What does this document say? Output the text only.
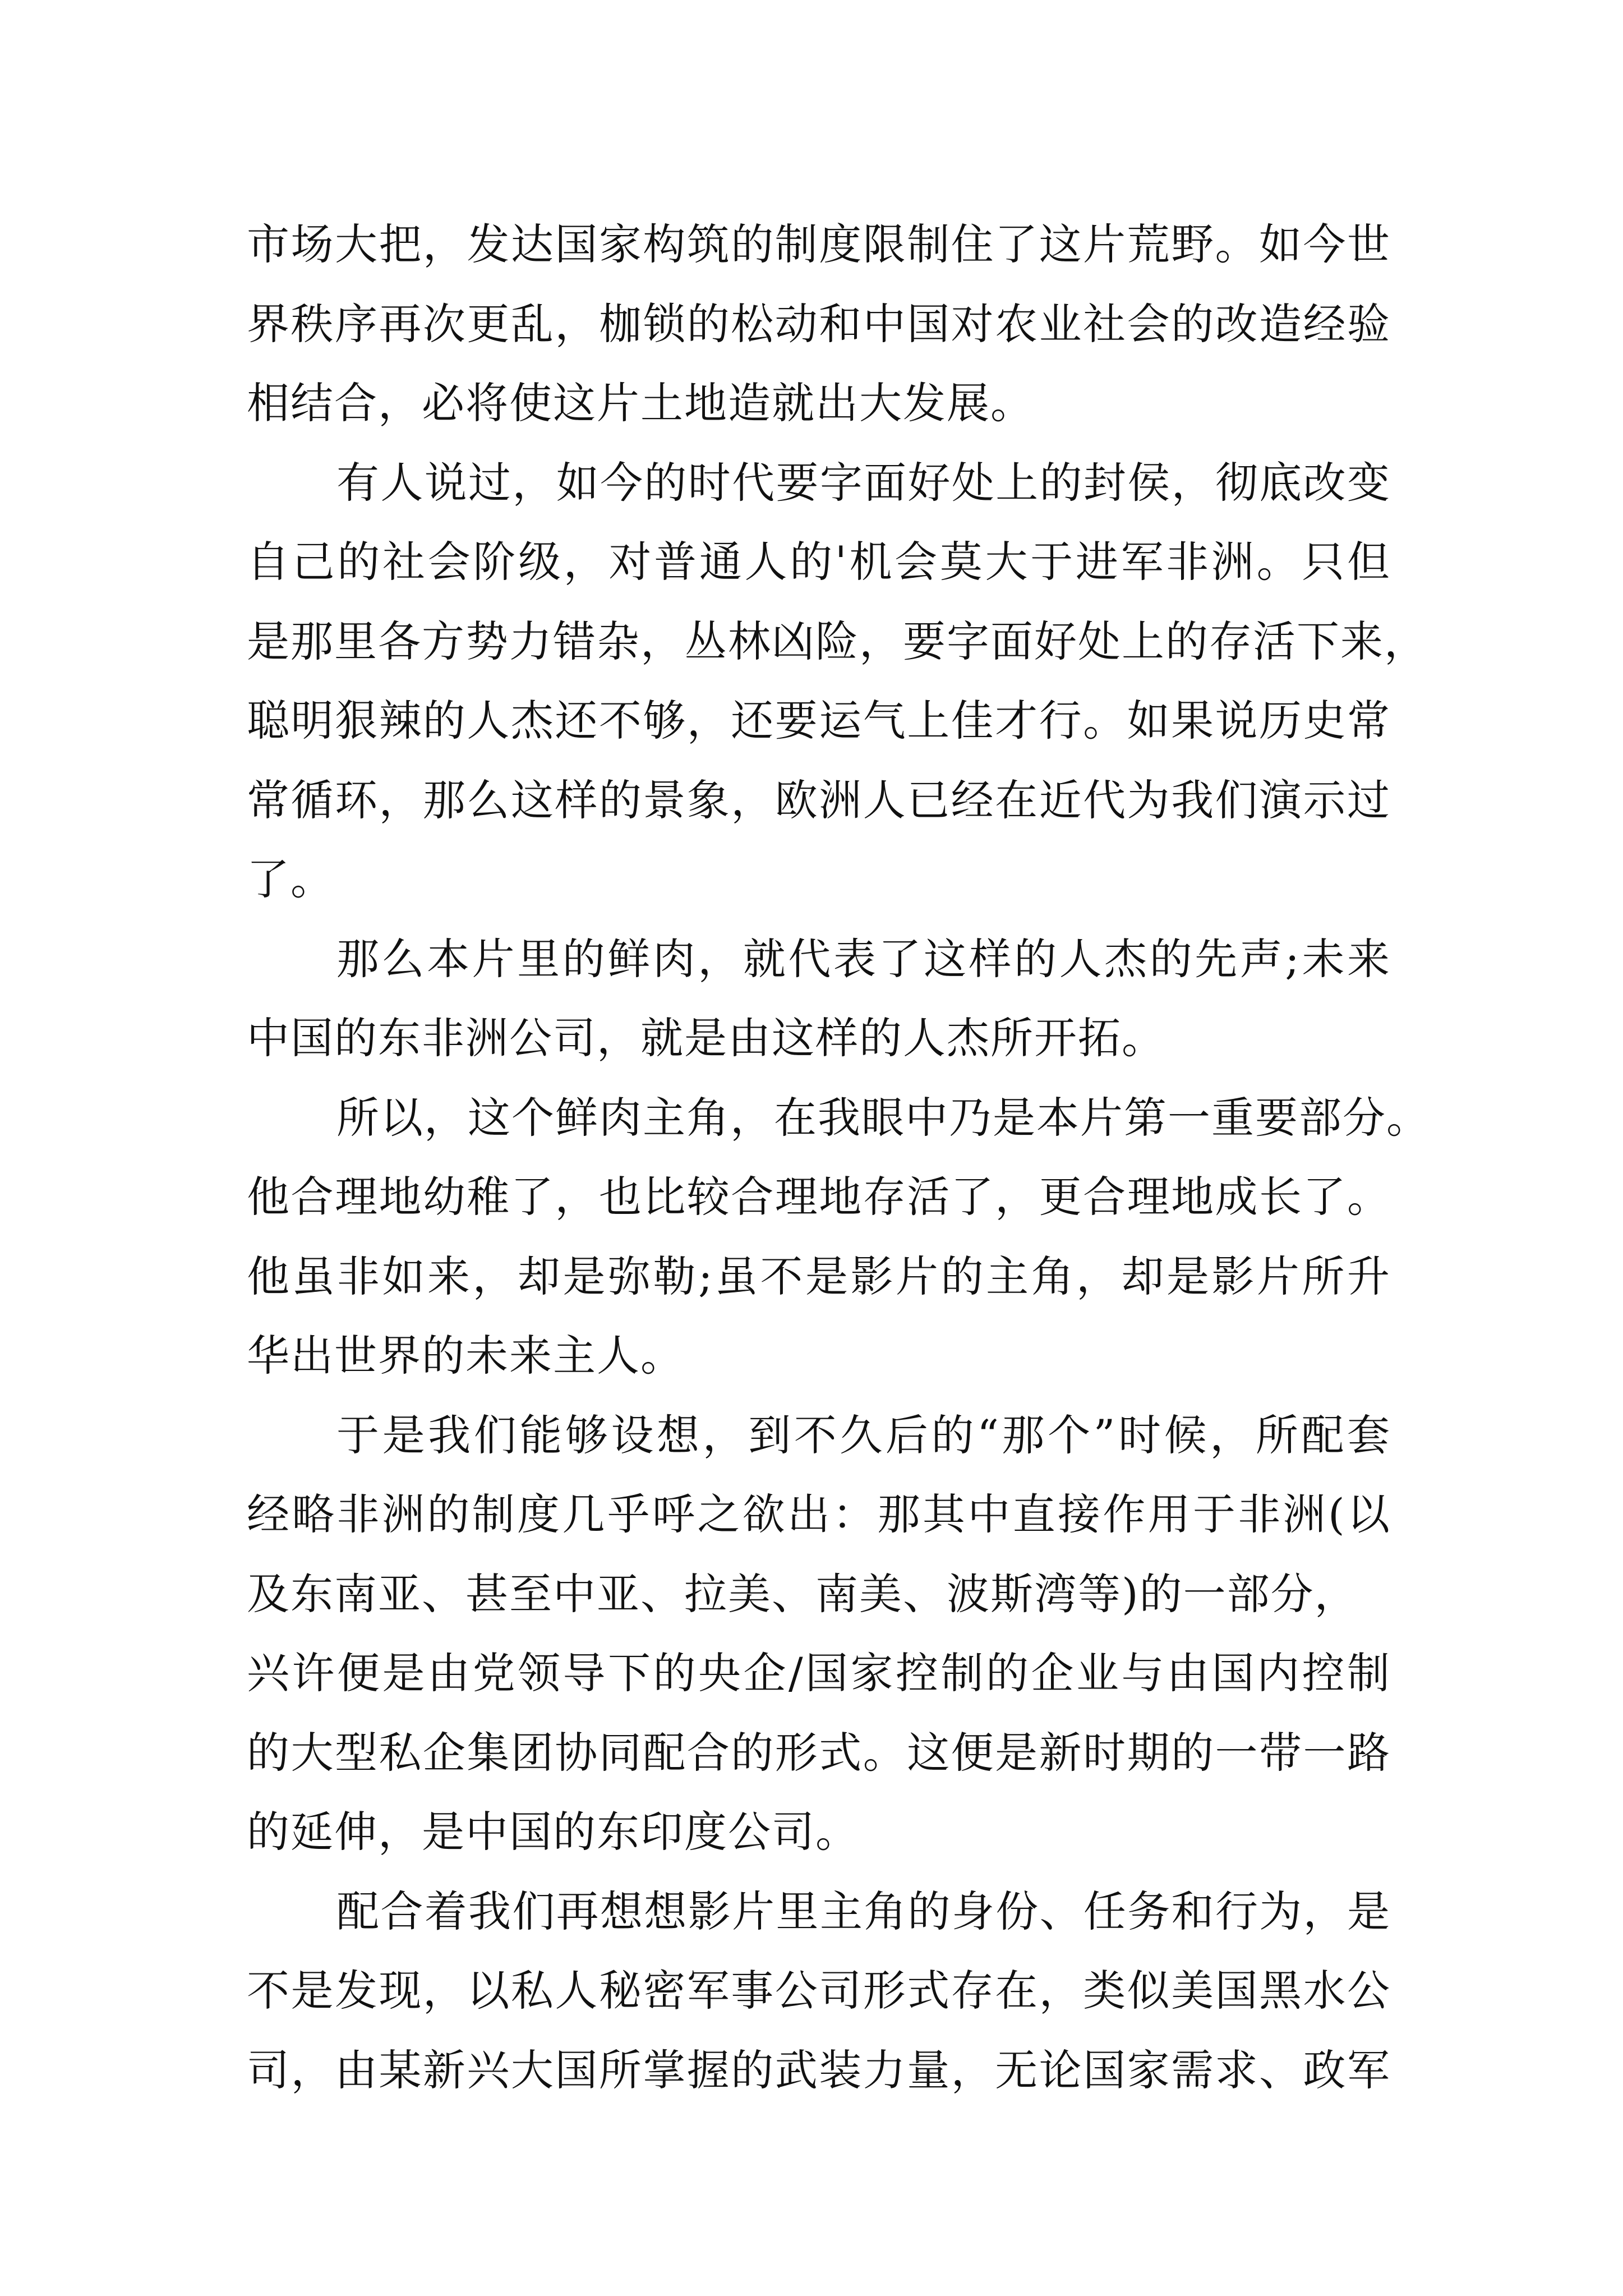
市场大把，发达国家构筑的制度限制住了这片荒野。如今世
界秩序再次更乱，枷锁的松动和中国对农业社会的改造经验
相结合，必将使这片土地造就出大发展。
有人说过，如今的时代要字面好处上的封侯，彻底改变
自己的社会阶级，对普通人的'机会莫大于进军非洲。只但
是那里各方势力错杂，丛林凶险，要字面好处上的存活下来，
聪明狠辣的人杰还不够，还要运气上佳才行。如果说历史常
常循环，那么这样的景象，欧洲人已经在近代为我们演示过
了。
那么本片里的鲜肉，就代表了这样的人杰的先声;未来
中国的东非洲公司，就是由这样的人杰所开拓。
所以，这个鲜肉主角，在我眼中乃是本片第一重要部分。
他合理地幼稚了，也比较合理地存活了，更合理地成长了。
他虽非如来，却是弥勒;虽不是影片的主角，却是影片所升
华出世界的未来主人。
于是我们能够设想，到不久后的“那个”时候，所配套
经略非洲的制度几乎呼之欲出：那其中直接作用于非洲(以
及东南亚、甚至中亚、拉美、南美、波斯湾等)的一部分，
兴许便是由党领导下的央企/国家控制的企业与由国内控制
的大型私企集团协同配合的形式。这便是新时期的一带一路
的延伸，是中国的东印度公司。
配合着我们再想想影片里主角的身份、任务和行为，是
不是发现，以私人秘密军事公司形式存在，类似美国黑水公
司，由某新兴大国所掌握的武装力量，无论国家需求、政军
